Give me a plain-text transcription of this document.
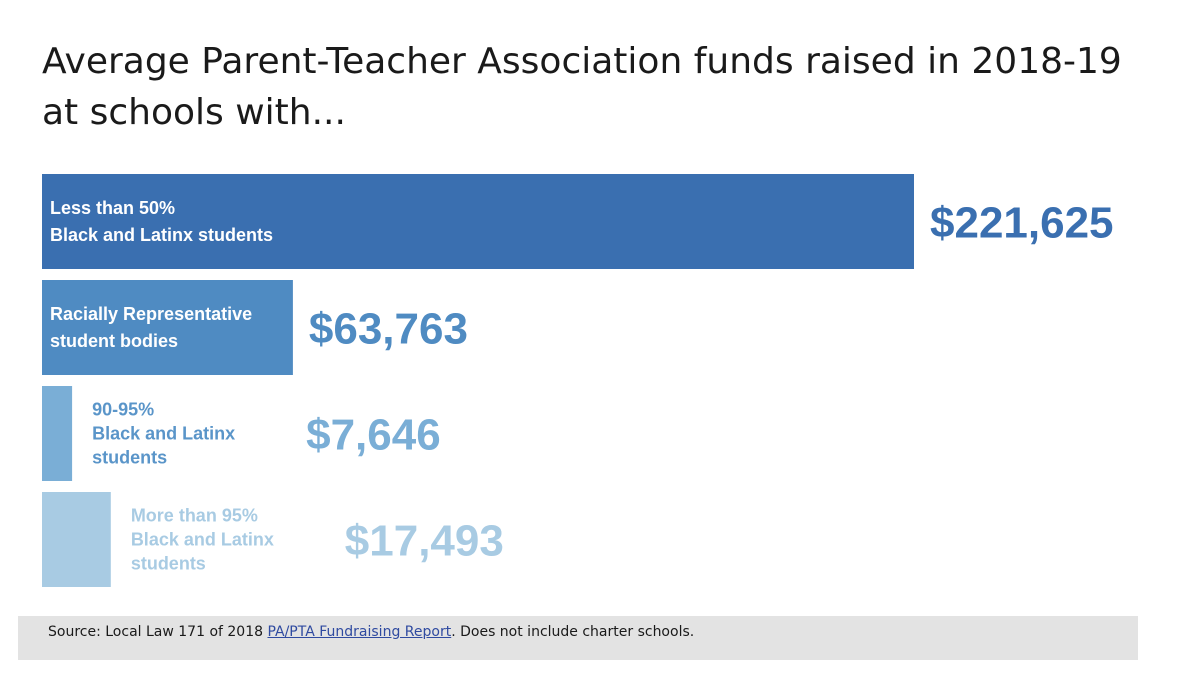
Average Parent-Teacher Association funds raised in 2018-19 at schools with...
Less than 50% Black and Latinx students	$221,625
Racially Representative student bodies	$63,763
90-95% Black and Latinx students	$7,646
More than 95% Black and Latinx students	$17,493
Source: Local Law 171 of 2018 PA/PTA Fundraising Report. Does not include charter schools.
